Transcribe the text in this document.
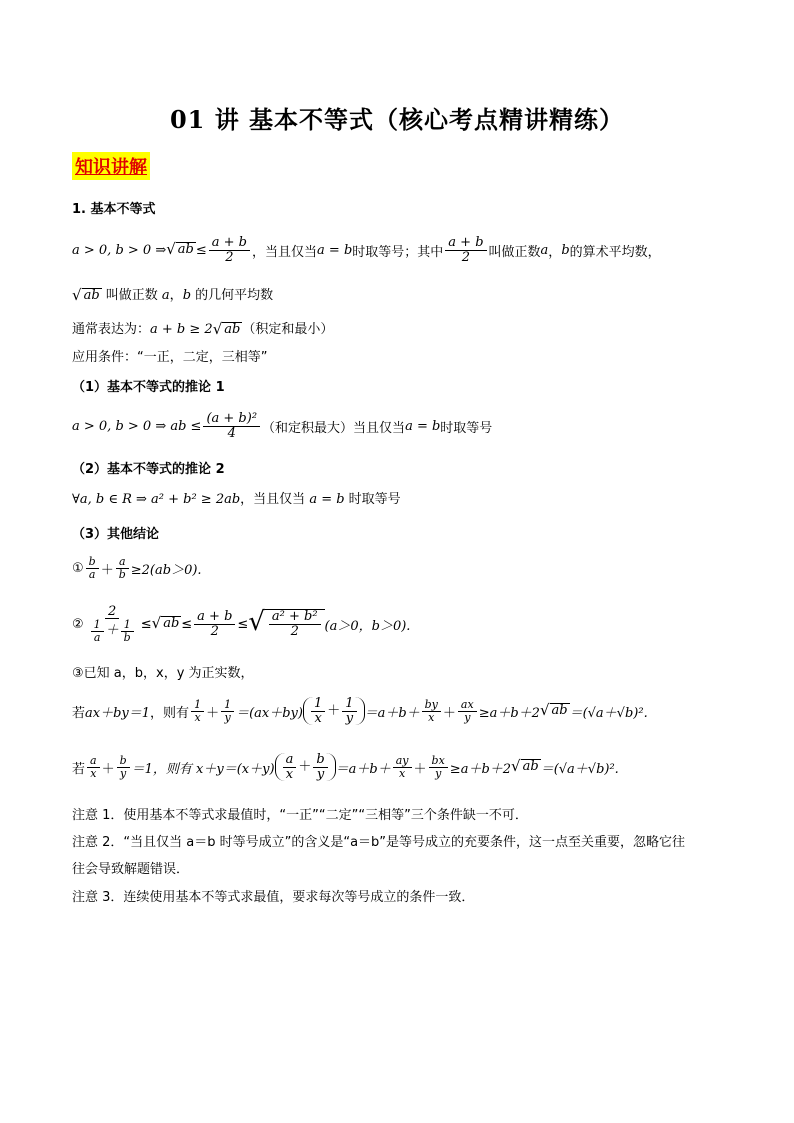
01 讲 基本不等式（核心考点精讲精练）
知识讲解
1. 基本不等式
a > 0, b > 0 ⇒ √ ab ≤ $\frac{a + b}{2}$ ， 当且仅当 a = b 时取等号；其中 $\frac{a + b}{2}$ 叫做正数 a ， b 的算术平均数，
√ ab 叫做正数 a，b 的几何平均数
通常表达为：a + b ≥ 2 √ ab （积定和最小）
应用条件：“一正，二定，三相等”
（1）基本不等式的推论 1
a > 0, b > 0 ⇒ ab ≤ $\frac{\text{(a + b)²}}{4}$ （和定积最大）当且仅当 a = b 时取等号
（2）基本不等式的推论 2
∀a, b ∈ R ⇒ a² + b² ≥ 2ab，当且仅当 a = b 时取等号
（3）其他结论
① $\frac{b}{a} + \frac{a}{b} \ge 2(ab>0)$.
② $\frac{2}{\frac{1}{a} + \frac{1}{b}}$ ≤ √ ab ≤ $\frac{a + b}{2}$ ≤ √ $\frac{\text{a² + b²}}{2} (a>0$，b＞0).
③已知 a，b，x，y 为正实数，
若 ax＋by＝1 ，则有 $\frac{1}{x} + \frac{1}{y} =(ax+by) \frac{1}{x} + \frac{1}{y} =a+b+ \frac{by}{x} + \frac{ax}{y} \ge a+b+2$ √ ab ＝(√a＋√b)².
若 $\frac{a}{x} + \frac{b}{y} =1$ ，则有 $x+y=(x+y) \frac{a}{x} + \frac{b}{y} =a+b+ \frac{ay}{x} + \frac{bx}{y} \ge a+b+2$ √ ab ＝(√a＋√b)².
注意 1．使用基本不等式求最值时，“一正”“二定”“三相等”三个条件缺一不可．
注意 2．“当且仅当 a＝b 时等号成立”的含义是“a＝b”是等号成立的充要条件，这一点至关重要，忽略它往
往会导致解题错误．
注意 3．连续使用基本不等式求最值，要求每次等号成立的条件一致．
